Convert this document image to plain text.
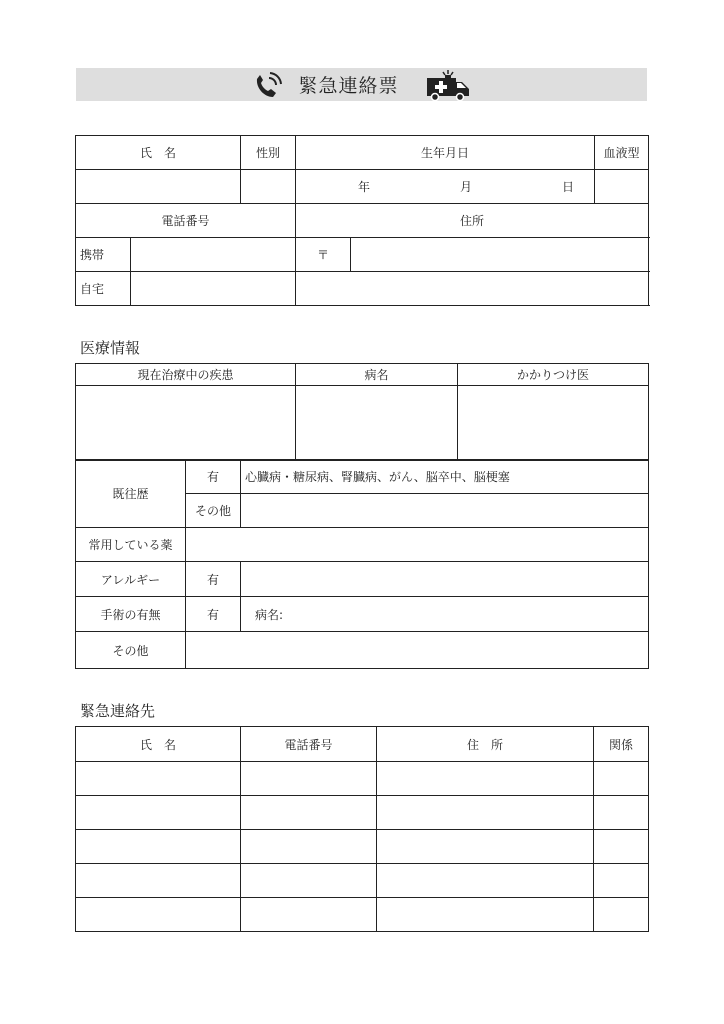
緊急連絡票
氏　名		性別	生年月日		血液型	

			年 月 日			

電話番号			住所			
携帯			〒			
自宅						
医療情報
現在治療中の疾患	病名	かかりつけ医

既往歴	有	心臓病・糖尿病、腎臓病、がん、脳卒中、脳梗塞
	その他	
常用している薬		
アレルギー	有	
手術の有無	有	病名:
その他		
緊急連絡先
氏　名	電話番号	住　所	関係
